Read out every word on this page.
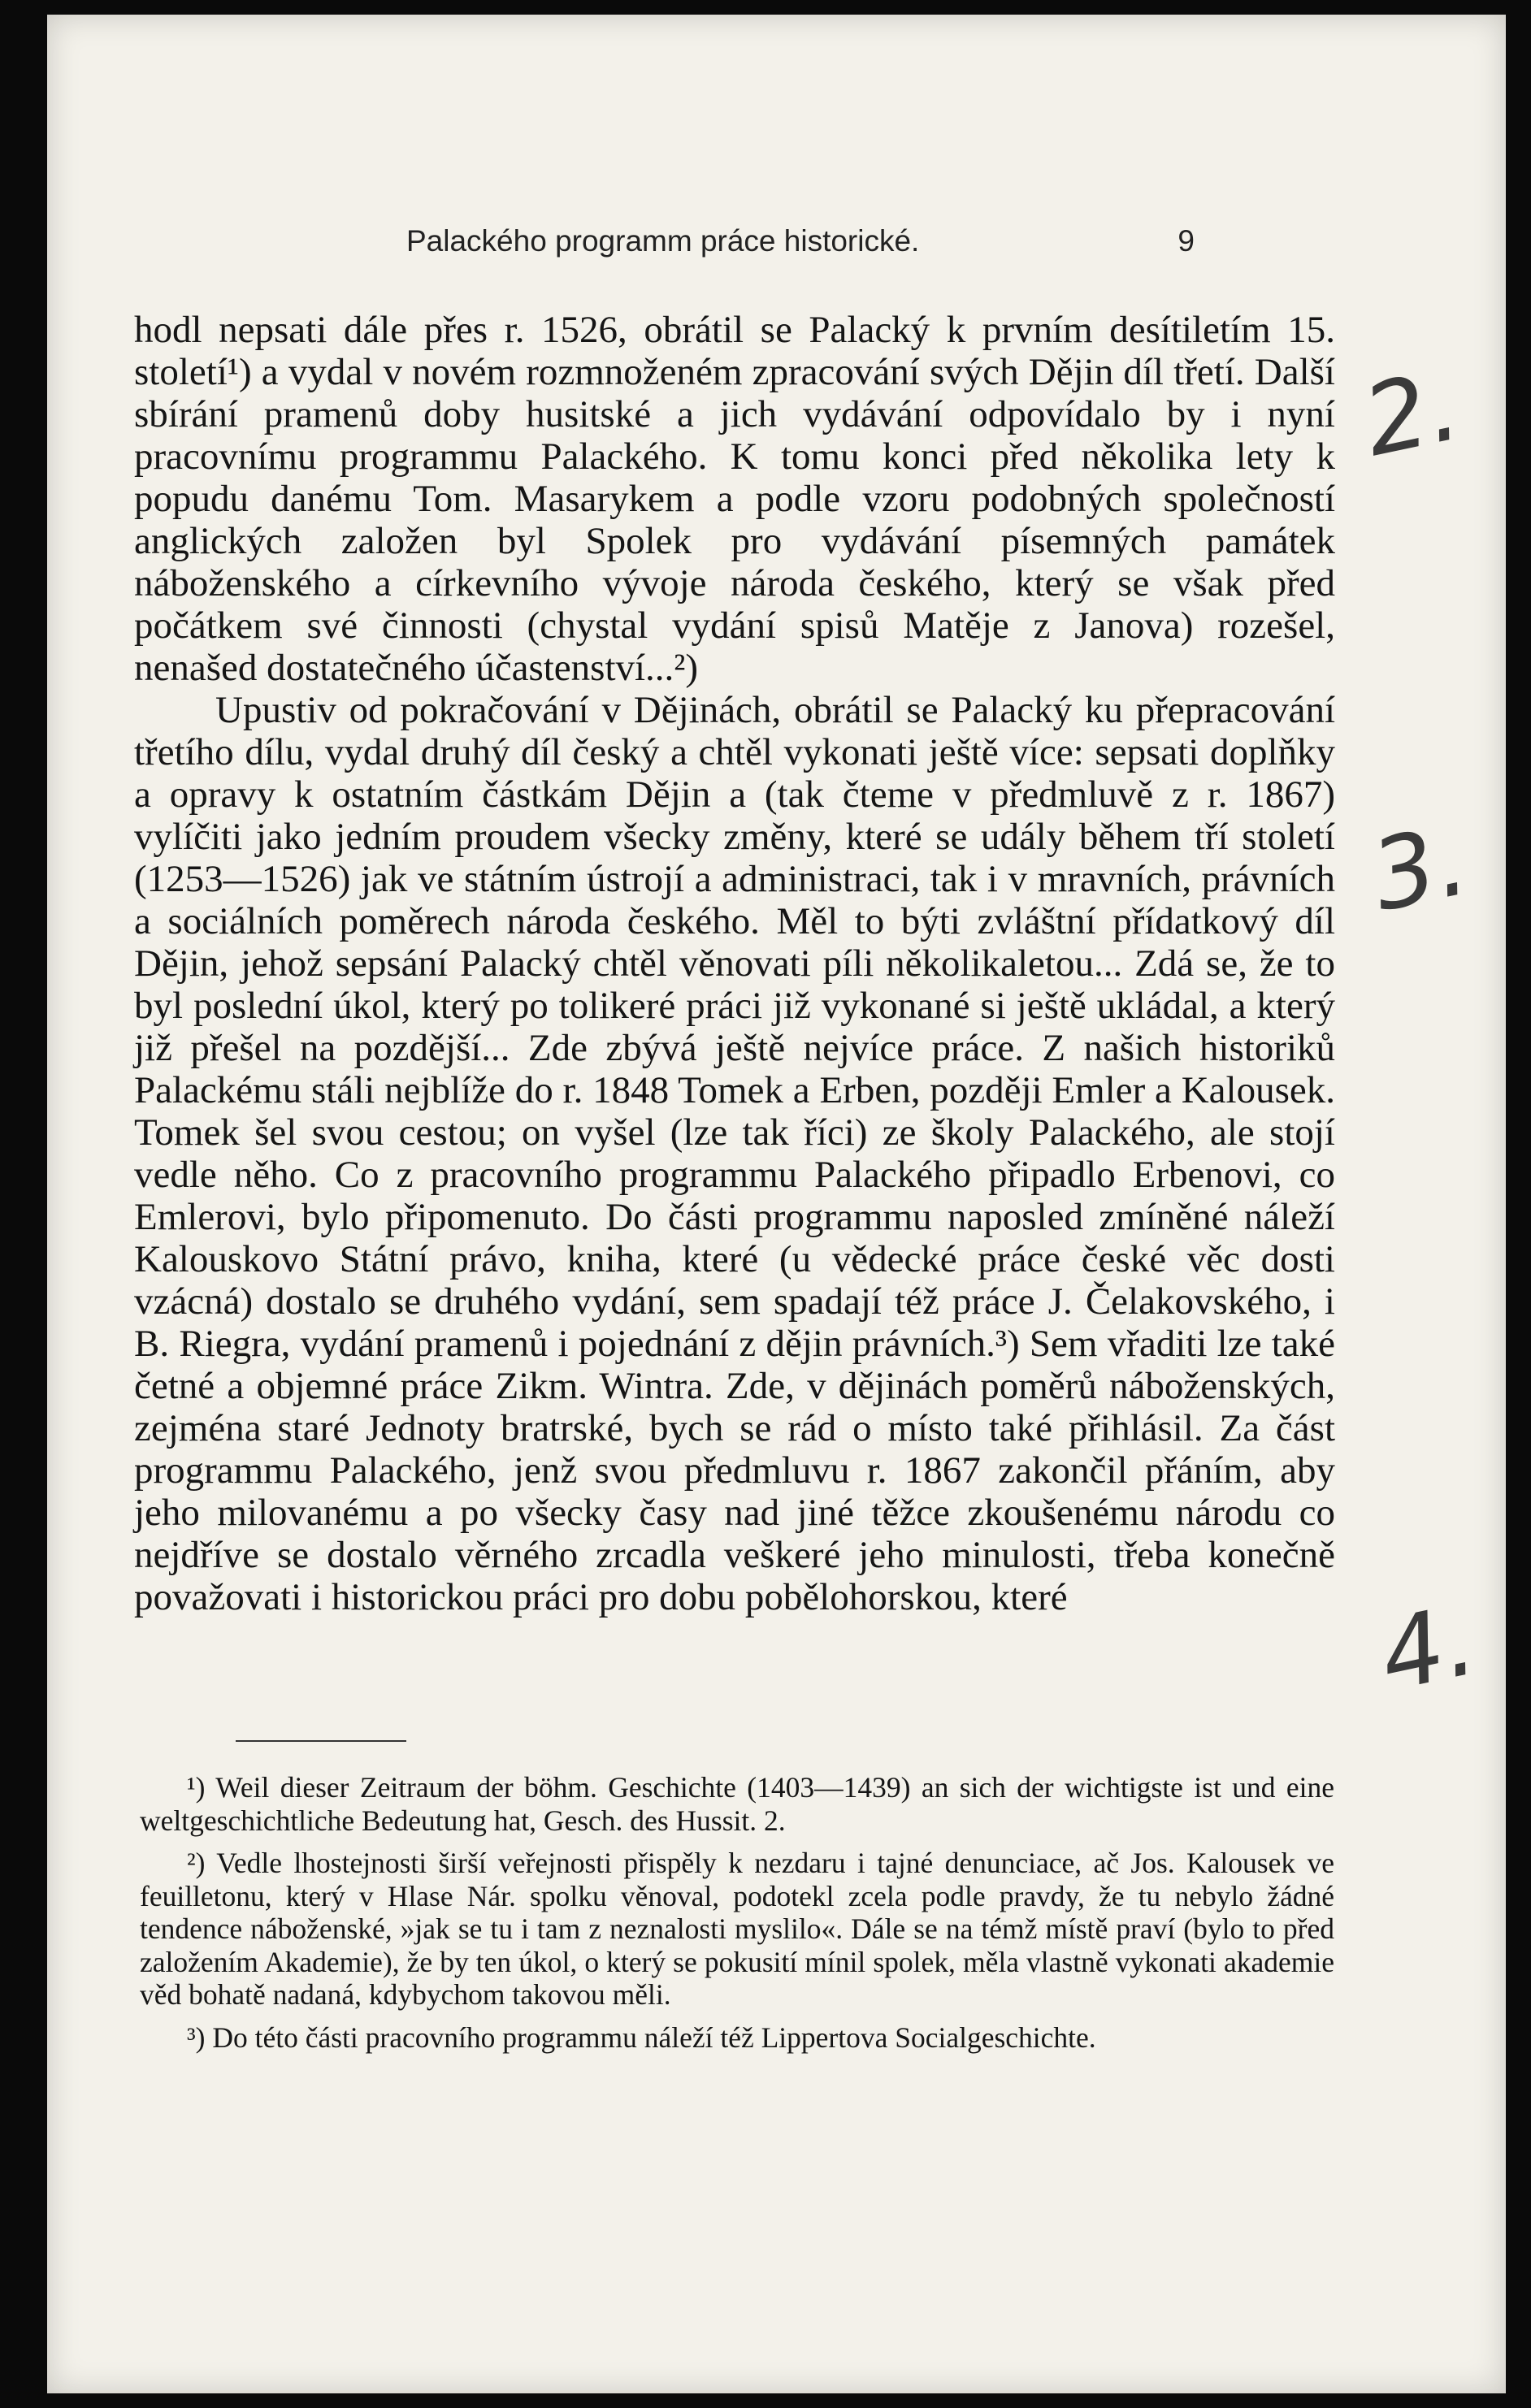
Palackého programm práce historické.	9

hodl nepsati dále přes r. 1526, obrátil se Palacký k prvním desítiletím 15. století¹) a vydal v novém rozmnoženém zpracování svých Dějin díl třetí. Další sbírání pramenů doby husitské a jich vydávání odpovídalo by i nyní pracovnímu programmu Palackého. K tomu konci před několika lety k popudu danému Tom. Masarykem a podle vzoru podobných společností anglických založen byl Spolek pro vydávání písemných památek náboženského a církevního vývoje národa českého, který se však před počátkem své činnosti (chystal vydání spisů Matěje z Janova) rozešel, nenašed dostatečného účastenství...²)

Upustiv od pokračování v Dějinách, obrátil se Palacký ku přepracování třetího dílu, vydal druhý díl český a chtěl vykonati ještě více: sepsati doplňky a opravy k ostatním částkám Dějin a (tak čteme v předmluvě z r. 1867) vylíčiti jako jedním proudem všecky změny, které se udály během tří století (1253—1526) jak ve státním ústrojí a administraci, tak i v mravních, právních a sociálních poměrech národa českého. Měl to býti zvláštní přídatkový díl Dějin, jehož sepsání Palacký chtěl věnovati píli několikaletou... Zdá se, že to byl poslední úkol, který po tolikeré práci již vykonané si ještě ukládal, a který již přešel na pozdější... Zde zbývá ještě nejvíce práce. Z našich historiků Palackému stáli nejblíže do r. 1848 Tomek a Erben, později Emler a Kalousek. Tomek šel svou cestou; on vyšel (lze tak říci) ze školy Palackého, ale stojí vedle něho. Co z pracovního programmu Palackého připadlo Erbenovi, co Emlerovi, bylo připomenuto. Do části programmu naposled zmíněné náleží Kalouskovo Státní právo, kniha, které (u vědecké práce české věc dosti vzácná) dostalo se druhého vydání, sem spadají též práce J. Čelakovského, i B. Riegra, vydání pramenů i pojednání z dějin právních.³) Sem vřaditi lze také četné a objemné práce Zikm. Wintra. Zde, v dějinách poměrů náboženských, zejména staré Jednoty bratrské, bych se rád o místo také přihlásil. Za část programmu Palackého, jenž svou předmluvu r. 1867 zakončil přáním, aby jeho milovanému a po všecky časy nad jiné těžce zkoušenému národu co nejdříve se dostalo věrného zrcadla veškeré jeho minulosti, třeba konečně považovati i historickou práci pro dobu pobělohorskou, které

¹) Weil dieser Zeitraum der böhm. Geschichte (1403—1439) an sich der wichtigste ist und eine weltgeschichtliche Bedeutung hat, Gesch. des Hussit. 2.

²) Vedle lhostejnosti širší veřejnosti přispěly k nezdaru i tajné denunciace, ač Jos. Kalousek ve feuilletonu, který v Hlase Nár. spolku věnoval, podotekl zcela podle pravdy, že tu nebylo žádné tendence náboženské, »jak se tu i tam z neznalosti myslilo«. Dále se na témž místě praví (bylo to před založením Akademie), že by ten úkol, o který se pokusití mínil spolek, měla vlastně vykonati akademie věd bohatě nadaná, kdybychom takovou měli.

³) Do této části pracovního programmu náleží též Lippertova Socialgeschichte.

2.
3.
4.
